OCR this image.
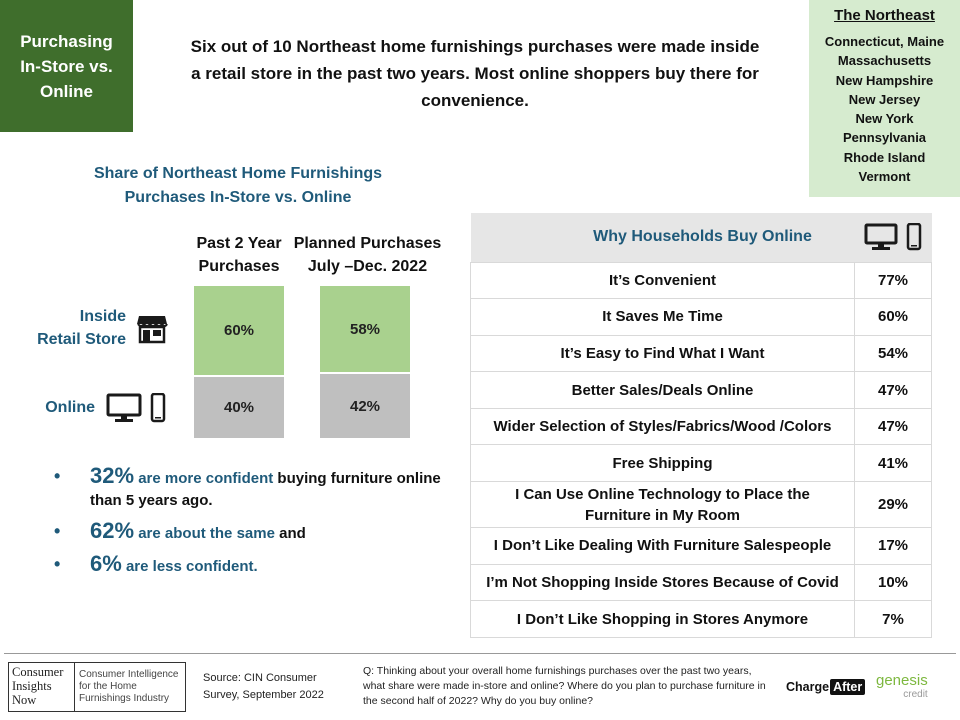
Purchasing
In-Store vs.
Online
Six out of 10 Northeast home furnishings purchases were made inside a retail store in the past two years. Most online shoppers buy there for convenience.
The Northeast
Connecticut, Maine
Massachusetts
New Hampshire
New Jersey
New York
Pennsylvania
Rhode Island
Vermont
Share of Northeast Home Furnishings
Purchases In-Store vs. Online
Past 2 Year
Purchases
Planned Purchases
July –Dec. 2022
40%
60%
42%
58%
Inside
Retail Store
Online
• 32% are more confident buying furniture online than 5 years ago.
• 62% are about the same and
• 6% are less confident.
Why Households Buy Online	
It’s Convenient	77%
It Saves Me Time	60%
It’s Easy to Find What I Want	54%
Better Sales/Deals Online	47%
Wider Selection of Styles/Fabrics/Wood /Colors	47%
Free Shipping	41%
I Can Use Online Technology to Place the Furniture in My Room	29%
I Don’t Like Dealing With Furniture Salespeople	17%
I’m Not Shopping Inside Stores Because of Covid	10%
I Don’t Like Shopping in Stores Anymore	7%
Consumer
Insights
Now
Consumer Intelligence
for the Home
Furnishings Industry
Source: CIN Consumer
Survey, September 2022
Q: Thinking about your overall home furnishings purchases over the past two years, what share were made in-store and online? Where do you plan to purchase furniture in the second half of 2022? Why do you buy online?
Charge After genesis
credit
